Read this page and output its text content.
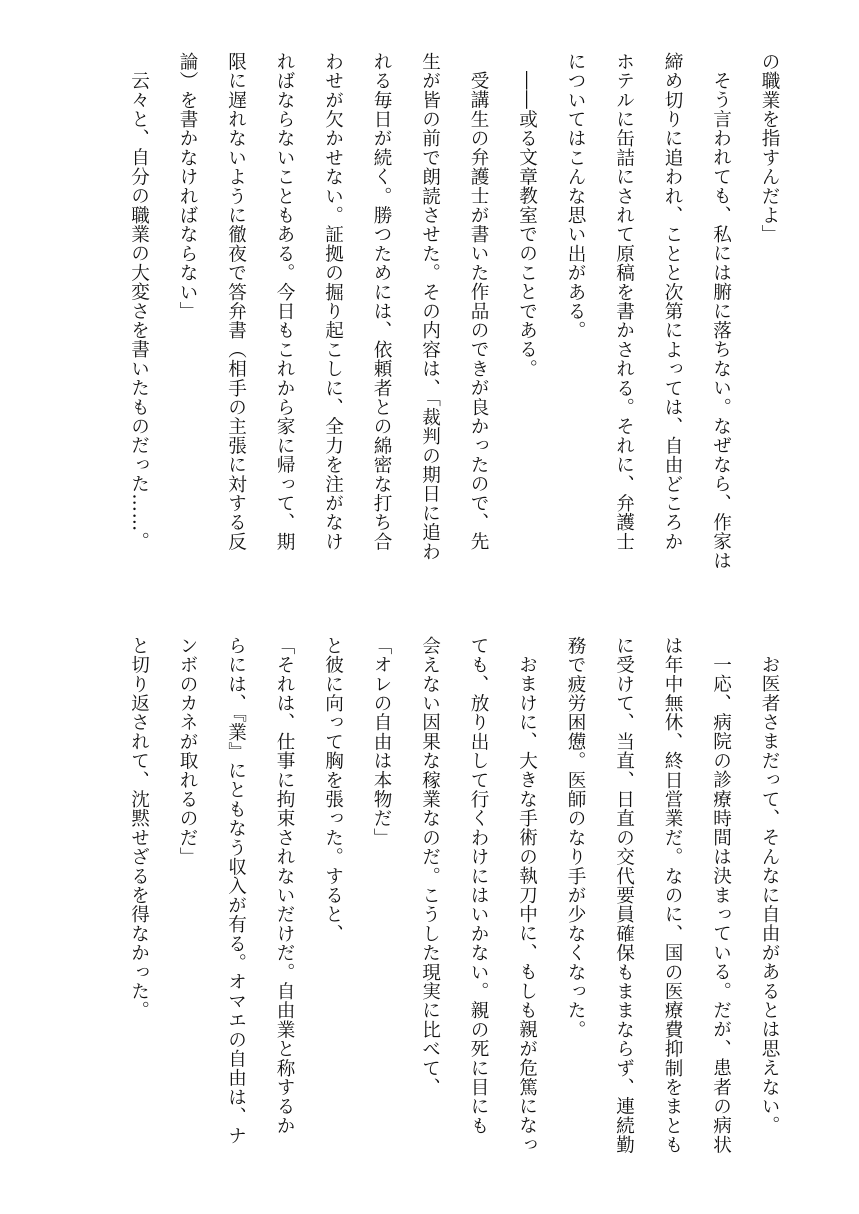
の職業を指すんだよ」
そう言われても、私には腑に落ちない。なぜなら、作家は
締め切りに追われ、ことと次第によっては、自由どころか
ホテルに缶詰にされて原稿を書かされる。それに、弁護士
についてはこんな思い出がある。
――或る文章教室でのことである。
受講生の弁護士が書いた作品のできが良かったので、先
生が皆の前で朗読させた。その内容は、「裁判の期日に追わ
れる毎日が続く。勝つためには、依頼者との綿密な打ち合
わせが欠かせない。証拠の掘り起こしに、全力を注がなけ
ればならないこともある。今日もこれから家に帰って、期
限に遅れないように徹夜で答弁書（相手の主張に対する反
論）を書かなければならない」
云々と、自分の職業の大変さを書いたものだった……。
お医者さまだって、そんなに自由があるとは思えない。
一応、病院の診療時間は決まっている。だが、患者の病状
は年中無休、終日営業だ。なのに、国の医療費抑制をまとも
に受けて、当直、日直の交代要員確保もままならず、連続勤
務で疲労困憊。医師のなり手が少なくなった。
おまけに、大きな手術の執刀中に、もしも親が危篤になっ
ても、放り出して行くわけにはいかない。親の死に目にも
会えない因果な稼業なのだ。こうした現実に比べて、
「オレの自由は本物だ」
と彼に向って胸を張った。すると、
「それは、仕事に拘束されないだけだ。自由業と称するか
らには、『業』にともなう収入が有る。オマエの自由は、ナ
ンボのカネが取れるのだ」
と切り返されて、沈黙せざるを得なかった。
